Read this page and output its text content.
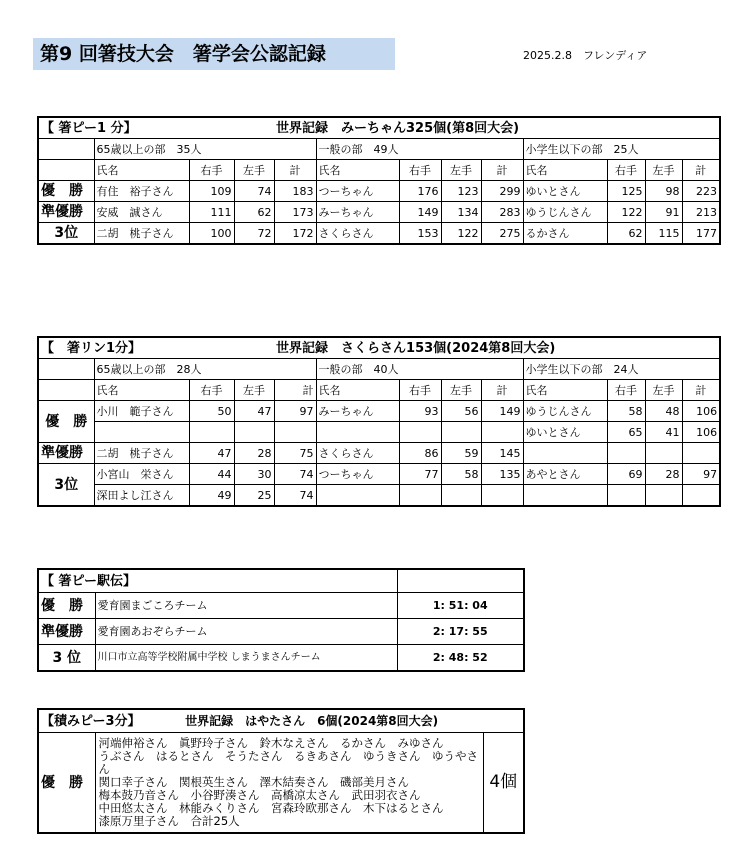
第9 回箸技大会　箸学会公認記録	2025.2.8　フレンディア
【 箸ピー1 分】				世界記録　みーちゃん325個(第8回大会)								
	65歳以上の部　35人				一般の部　49人				小学生以下の部　25人			
	氏名	右手	左手	計	氏名	右手	左手	計	氏名	右手	左手	計
優　勝	有住　裕子さん	109	74	183	つーちゃん	176	123	299	ゆいとさん	125	98	223
準優勝	安威　誠さん	111	62	173	みーちゃん	149	134	283	ゆうじんさん	122	91	213
3位	二胡　桃子さん	100	72	172	さくらさん	153	122	275	るかさん	62	115	177
【　箸リン1分】				世界記録　さくらさん153個(2024第8回大会)								
	65歳以上の部　28人				一般の部　40人				小学生以下の部　24人			
	氏名	右手	左手	計	氏名	右手	左手	計	氏名	右手	左手	計
優　勝	小川　範子さん	50	47	97	みーちゃん	93	56	149	ゆうじんさん	58	48	106
									ゆいとさん	65	41	106
準優勝	二胡　桃子さん	47	28	75	さくらさん	86	59	145				
3位	小宮山　栄さん	44	30	74	つーちゃん	77	58	135	あやとさん	69	28	97
	深田よし江さん	49	25	74								
【 箸ピー駅伝】		
優　勝	愛育園まごころチーム	1: 51: 04
準優勝	愛育園あおぞらチーム	2: 17: 55
3 位	川口市立高等学校附属中学校 しまうまさんチーム	2: 48: 52
【積みピー3分】	世界記録　はやたさん　6個(2024第8回大会)
優　勝	
河端伸裕さん　眞野玲子さん　鈴木なえさん　るかさん　みゆさん
うぶさん　はるとさん　そうたさん　るきあさん　ゆうきさん　ゆうやさん
関口幸子さん　関根英生さん　澤木結奏さん　磯部美月さん
梅本鼓乃音さん　小谷野湊さん　高橋凉太さん　武田羽衣さん
中田悠太さん　林能みくりさん　宮森玲欧那さん　木下はるとさん
漆原万里子さん　合計25人
	4個
